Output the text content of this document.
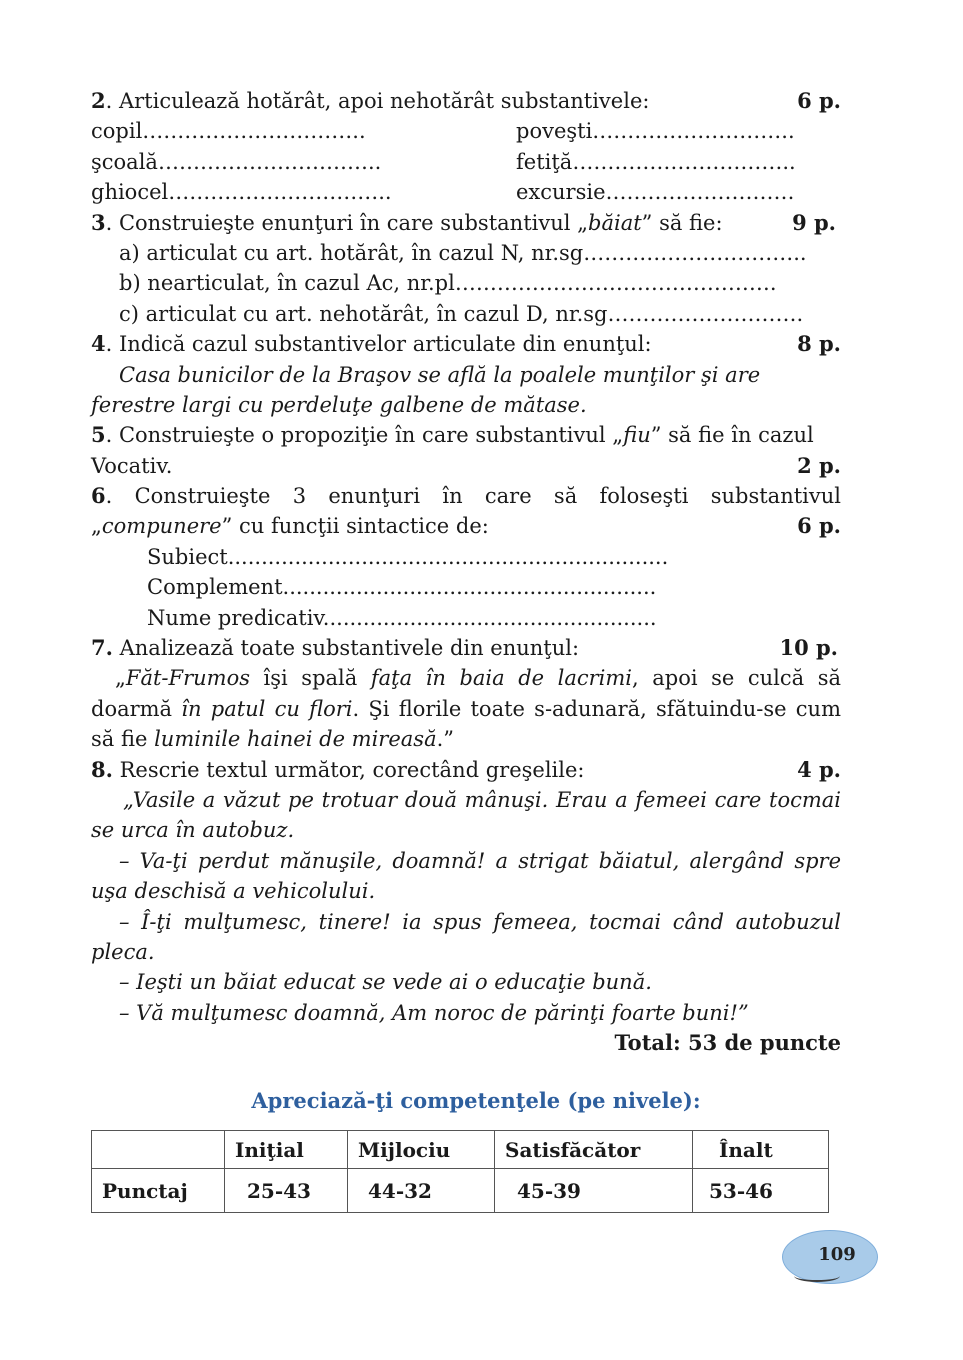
2. Articulează hotărât, apoi nehotărât substantivele:	6 p.
copil…………………………..	poveşti………………………..
şcoală…………………………..	fetiţă…………………………..
ghiocel…………………………..	excursie………………………
3. Construieşte enunţuri în care substantivul „băiat” să fie:	9 p.
a) articulat cu art. hotărât, în cazul N, nr.sg…………………………..
b) nearticulat, în cazul Ac, nr.pl……………………………………….
c) articulat cu art. nehotărât, în cazul D, nr.sg……………………….
4. Indică cazul substantivelor articulate din enunţul:	8 p.
Casa bunicilor de la Braşov se află la poalele munţilor şi are
ferestre largi cu perdeluţe galbene de mătase.
5. Construieşte o propoziţie în care substantivul „fiu” să fie în cazul
Vocativ.	2 p.
6. Construieşte 3 enunţuri în care să foloseşti substantivul
„compunere” cu funcţii sintactice de:	6 p.
Subiect..................................................................
Complement........................................................
Nume predicativ..................................................
7. Analizează toate substantivele din enunţul:	10 p.
„Făt-Frumos îşi spală faţa în baia de lacrimi, apoi se culcă să doarmă în patul cu flori. Şi florile toate s-adunară, sfătuindu-se cum să fie luminile hainei de mireasă.”
8. Rescrie textul următor, corectând greşelile:	4 p.
„Vasile a văzut pe trotuar două mânuşi. Erau a femeei care tocmai se urca în autobuz.
– Va-ţi perdut mănuşile, doamnă! a strigat băiatul, alergând spre uşa deschisă a vehicolului.
– Î-ţi mulţumesc, tinere! ia spus femeea, tocmai când autobuzul pleca.
– Ieşti un băiat educat se vede ai o educaţie bună.
– Vă mulţumesc doamnă, Am noroc de părinţi foarte buni!”
Total: 53 de puncte
Apreciază-ţi competenţele (pe nivele):
	Iniţial	Mijlociu	Satisfăcător	Înalt
Punctaj	25-43	44-32	45-39	53-46
109
